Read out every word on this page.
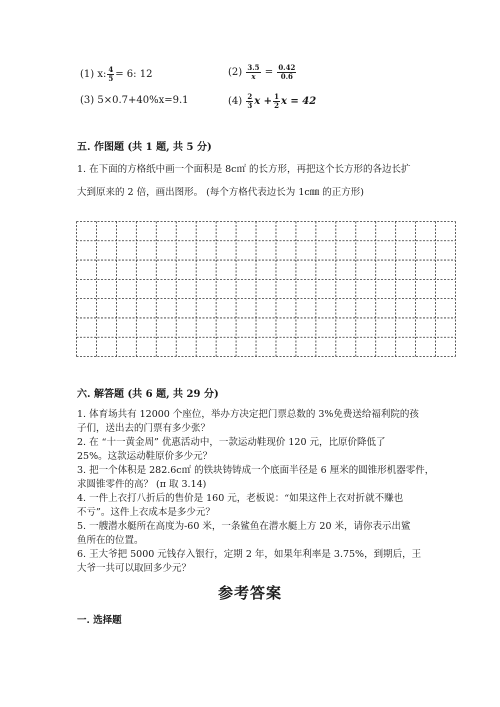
(1) x: $\frac{4}{5} = 6$: 12	$(2) \frac{3.5}{x} = \frac{0.42}{0.6}$
(3) 5×0.7+40%x=9.1	$(4) \frac{2}{3}$ $x + \frac{1}{2}$ x = 42
五. 作图题 (共 1 题, 共 5 分)
1. 在下面的方格纸中画一个面积是 8c㎡ 的长方形，再把这个长方形的各边长扩
大到原来的 2 倍，画出图形。 (每个方格代表边长为 1c㎜ 的正方形)
六. 解答题 (共 6 题, 共 29 分)
1. 体育场共有 12000 个座位，举办方决定把门票总数的 3%免费送给福利院的孩
子们，送出去的门票有多少张？
2. 在 “十一黄金周” 优惠活动中，一款运动鞋现价 120 元，比原价降低了
25%。这款运动鞋原价多少元？
3. 把一个体积是 282.6c㎡ 的铁块铸铸成一个底面半径是 6 厘米的圆锥形机器零件，
求圆锥零件的高？ (π 取 3.14)
4. 一件上衣打八折后的售价是 160 元，老板说：“如果这件上衣对折就不赚也
不亏”。这件上衣成本是多少元？
5. 一艘潜水艇所在高度为-60 米，一条鲨鱼在潜水艇上方 20 米，请你表示出鲨
鱼所在的位置。
6. 王大爷把 5000 元钱存入银行，定期 2 年，如果年利率是 3.75%，到期后，王
大爷一共可以取回多少元？
参考答案
一. 选择题
